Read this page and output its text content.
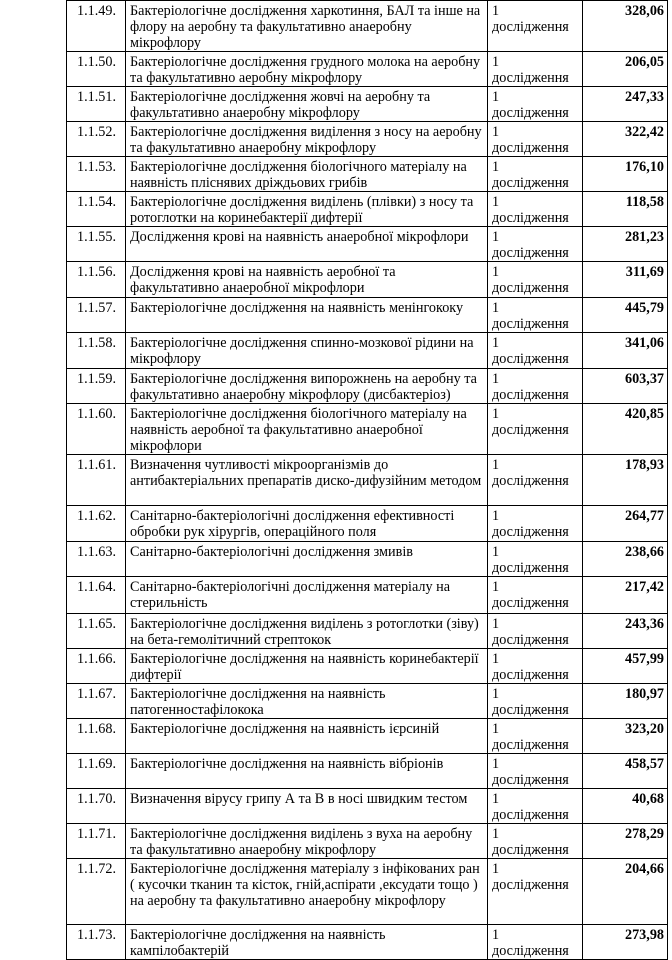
1.1.49.	Бактеріологічне дослідження харкотиння, БАЛ та інше на флору на аеробну та факультативно анаеробну мікрофлору	1 дослідження	328,06
1.1.50.	Бактеріологічне дослідження грудного молока на аеробну та факультативно аеробну мікрофлору	1 дослідження	206,05
1.1.51.	Бактеріологічне дослідження жовчі на аеробну та факультативно анаеробну мікрофлору	1 дослідження	247,33
1.1.52.	Бактеріологічне дослідження виділення з носу на аеробну та факультативно анаеробну мікрофлору	1 дослідження	322,42
1.1.53.	Бактеріологічне дослідження біологічного матеріалу на наявність пліснявих дріждьових грибів	1 дослідження	176,10
1.1.54.	Бактеріологічне дослідження виділень (плівки) з носу та ротоглотки на коринебактерії дифтерії	1 дослідження	118,58
1.1.55.	Дослідження крові на наявність анаеробної мікрофлори	1 дослідження	281,23
1.1.56.	Дослідження крові на наявність аеробної та факультативно анаеробної мікрофлори	1 дослідження	311,69
1.1.57.	Бактеріологічне дослідження на наявність менінгококу	1 дослідження	445,79
1.1.58.	Бактеріологічне дослідження спинно-мозкової рідини на мікрофлору	1 дослідження	341,06
1.1.59.	Бактеріологічне дослідження випорожнень на аеробну та факультативно анаеробну мікрофлору (дисбактеріоз)	1 дослідження	603,37
1.1.60.	Бактеріологічне дослідження біологічного матеріалу на наявність аеробної та факультативно анаеробної мікрофлори	1 дослідження	420,85
1.1.61.	Визначення чутливості мікроорганізмів до антибактеріальних препаратів диско-дифузійним методом	1 дослідження	178,93
1.1.62.	Санітарно-бактеріологічні дослідження ефективності обробки рук хірургів, операційного поля	1 дослідження	264,77
1.1.63.	Санітарно-бактеріологічні дослідження змивів	1 дослідження	238,66
1.1.64.	Санітарно-бактеріологічні дослідження матеріалу на стерильність	1 дослідження	217,42
1.1.65.	Бактеріологічне дослідження виділень з ротоглотки (зіву) на бета-гемолітичний стрептокок	1 дослідження	243,36
1.1.66.	Бактеріологічне дослідження на наявність коринебактерії дифтерії	1 дослідження	457,99
1.1.67.	Бактеріологічне дослідження на наявність патогенностафілокока	1 дослідження	180,97
1.1.68.	Бактеріологічне дослідження на наявність ієрсиній	1 дослідження	323,20
1.1.69.	Бактеріологічне дослідження на наявність вібріонів	1 дослідження	458,57
1.1.70.	Визначення вірусу грипу А та В в носі швидким тестом	1 дослідження	40,68
1.1.71.	Бактеріологічне дослідження виділень з вуха на аеробну та факультативно анаеробну мікрофлору	1 дослідження	278,29
1.1.72.	Бактеріологічне дослідження матеріалу з інфікованих ран ( кусочки тканин та кісток, гній,аспірати ,ексудати тощо ) на аеробну та факультативно анаеробну мікрофлору	1 дослідження	204,66
1.1.73.	Бактеріологічне дослідження на наявність кампілобактерій	1 дослідження	273,98
